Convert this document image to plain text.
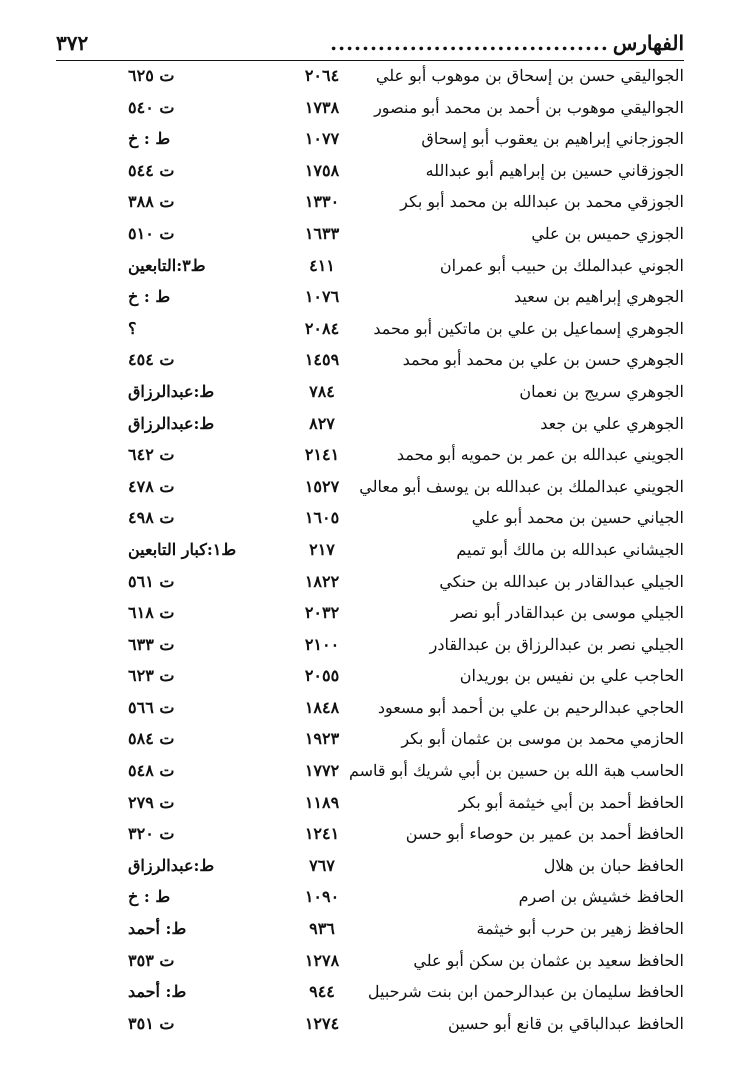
الفهارس
...................................
٣٧٢
الجواليقي حسن بن إسحاق بن موهوب أبو علي
٢٠٦٤
ت ٦٢٥
الجواليقي موهوب بن أحمد بن محمد أبو منصور
١٧٣٨
ت ٥٤٠
الجوزجاني إبراهيم بن يعقوب أبو إسحاق
١٠٧٧
ط : خ
الجوزقاني حسين بن إبراهيم أبو عبدالله
١٧٥٨
ت ٥٤٤
الجوزقي محمد بن عبدالله بن محمد أبو بكر
١٣٣٠
ت ٣٨٨
الجوزي حميس بن علي
١٦٣٣
ت ٥١٠
الجوني عبدالملك بن حبيب أبو عمران
٤١١
ط٣:التابعين
الجوهري إبراهيم بن سعيد
١٠٧٦
ط : خ
الجوهري إسماعيل بن علي بن ماتكين أبو محمد
٢٠٨٤
؟
الجوهري حسن بن علي بن محمد أبو محمد
١٤٥٩
ت ٤٥٤
الجوهري سريج بن نعمان
٧٨٤
ط:عبدالرزاق
الجوهري علي بن جعد
٨٢٧
ط:عبدالرزاق
الجويني عبدالله بن عمر بن حمويه أبو محمد
٢١٤١
ت ٦٤٢
الجويني عبدالملك بن عبدالله بن يوسف أبو معالي
١٥٢٧
ت ٤٧٨
الجياني حسين بن محمد أبو علي
١٦٠٥
ت ٤٩٨
الجيشاني عبدالله بن مالك أبو تميم
٢١٧
ط١:كبار التابعين
الجيلي عبدالقادر بن عبدالله بن حنكي
١٨٢٢
ت ٥٦١
الجيلي موسى بن عبدالقادر أبو نصر
٢٠٣٢
ت ٦١٨
الجيلي نصر بن عبدالرزاق بن عبدالقادر
٢١٠٠
ت ٦٣٣
الحاجب علي بن نفيس بن بوريدان
٢٠٥٥
ت ٦٢٣
الحاجي عبدالرحيم بن علي بن أحمد أبو مسعود
١٨٤٨
ت ٥٦٦
الحازمي محمد بن موسى بن عثمان أبو بكر
١٩٢٣
ت ٥٨٤
الحاسب هبة الله بن حسين بن أبي شريك أبو قاسم
١٧٧٢
ت ٥٤٨
الحافظ أحمد بن أبي خيثمة أبو بكر
١١٨٩
ت ٢٧٩
الحافظ أحمد بن عمير بن حوصاء أبو حسن
١٢٤١
ت ٣٢٠
الحافظ حبان بن هلال
٧٦٧
ط:عبدالرزاق
الحافظ خشيش بن اصرم
١٠٩٠
ط : خ
الحافظ زهير بن حرب أبو خيثمة
٩٣٦
ط: أحمد
الحافظ سعيد بن عثمان بن سكن أبو علي
١٢٧٨
ت ٣٥٣
الحافظ سليمان بن عبدالرحمن ابن بنت شرحبيل
٩٤٤
ط: أحمد
الحافظ عبدالباقي بن قانع أبو حسين
١٢٧٤
ت ٣٥١
